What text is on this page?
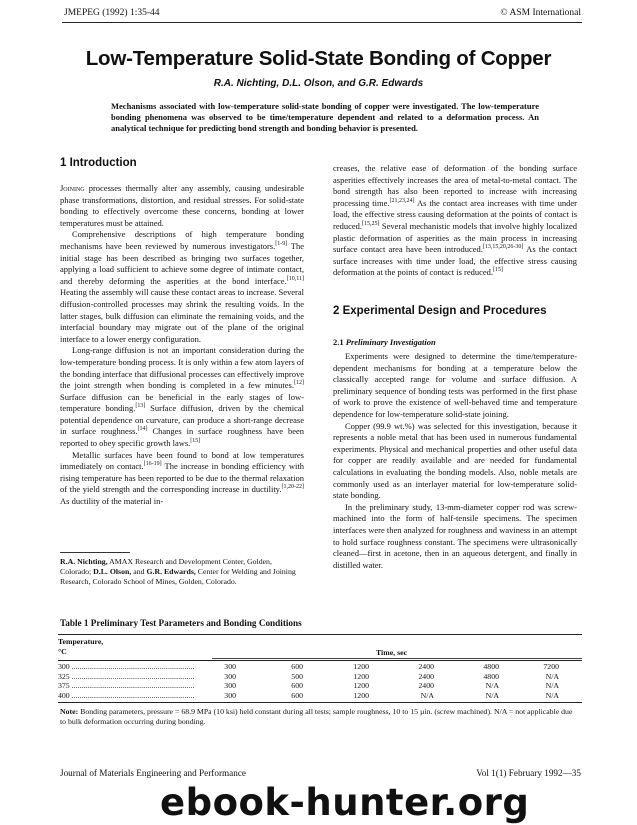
JMEPEG (1992) 1:35-44	© ASM International
Low-Temperature Solid-State Bonding of Copper
R.A. Nichting, D.L. Olson, and G.R. Edwards

Mechanisms associated with low-temperature solid-state bonding of copper were investigated. The low-temperature bonding phenomena was observed to be time/temperature dependent and related to a deformation process. An analytical technique for predicting bond strength and bonding behavior is presented.

1 Introduction

Joining processes thermally alter any assembly, causing undesirable phase transformations, distortion, and residual stresses. For solid-state bonding to effectively overcome these concerns, bonding at lower temperatures must be attained.

Comprehensive descriptions of high temperature bonding mechanisms have been reviewed by numerous investigators.[1-9] The initial stage has been described as bringing two surfaces together, applying a load sufficient to achieve some degree of intimate contact, and thereby deforming the asperities at the bond interface.[10,11] Heating the assembly will cause these contact areas to increase. Several diffusion-controlled processes may shrink the resulting voids. In the latter stages, bulk diffusion can eliminate the remaining voids, and the interfacial boundary may migrate out of the plane of the original interface to a lower energy configuration.

Long-range diffusion is not an important consideration during the low-temperature bonding process. It is only within a few atom layers of the bonding interface that diffusional processes can effectively improve the joint strength when bonding is completed in a few minutes.[12] Surface diffusion can be beneficial in the early stages of low-temperature bonding.[13] Surface diffusion, driven by the chemical potential dependence on curvature, can produce a short-range decrease in surface roughness.[14] Changes in surface roughness have been reported to obey specific growth laws.[15]

Metallic surfaces have been found to bond at low temperatures immediately on contact.[16-19] The increase in bonding efficiency with rising temperature has been reported to be due to the thermal relaxation of the yield strength and the corresponding increase in ductility.[1,20-22] As ductility of the material in-

creases, the relative ease of deformation of the bonding surface asperities effectively increases the area of metal-to-metal contact. The bond strength has also been reported to increase with increasing processing time.[21,23,24] As the contact area increases with time under load, the effective stress causing deformation at the points of contact is reduced.[15,25] Several mechanistic models that involve highly localized plastic deformation of asperities as the main process in increasing surface contact area have been introduced.[13,15,20,26-30] As the contact surface increases with time under load, the effective stress causing deformation at the points of contact is reduced.[15]

2 Experimental Design and Procedures
2.1 Preliminary Investigation

Experiments were designed to determine the time/temperature-dependent mechanisms for bonding at a temperature below the classically accepted range for volume and surface diffusion. A preliminary sequence of bonding tests was performed in the first phase of work to prove the existence of well-behaved time and temperature dependence for low-temperature solid-state joining.

Copper (99.9 wt.%) was selected for this investigation, because it represents a noble metal that has been used in numerous fundamental experiments. Physical and mechanical properties and other useful data for copper are readily available and are needed for fundamental calculations in evaluating the bonding models. Also, noble metals are commonly used as an interlayer material for low-temperature solid-state bonding.

In the preliminary study, 13-mm-diameter copper rod was screw-machined into the form of half-tensile specimens. The specimen interfaces were then analyzed for roughness and waviness in an attempt to hold surface roughness constant. The specimens were ultrasonically cleaned—first in acetone, then in an aqueous detergent, and finally in distilled water.

R.A. Nichting, AMAX Research and Development Center, Golden, Colorado; D.L. Olson, and G.R. Edwards, Center for Welding and Joining Research, Colorado School of Mines, Golden, Colorado.
Table 1 Preliminary Test Parameters and Bonding Conditions
Temperature,
°C	Time, sec
300 ...............................................................	300	600	1200	2400	4800	7200
325 ...............................................................	300	500	1200	2400	4800	N/A
375 ...............................................................	300	600	1200	2400	N/A	N/A
400 ...............................................................	300	600	1200	N/A	N/A	N/A
Note: Bonding parameters, pressure = 68.9 MPa (10 ksi) held constant during all tests; sample roughness, 10 to 15 µin. (screw machined). N/A = not applicable due to bulk deformation occurring during bonding.
Journal of Materials Engineering and Performance	Vol 1(1) February 1992—35
ebook-hunter.org
